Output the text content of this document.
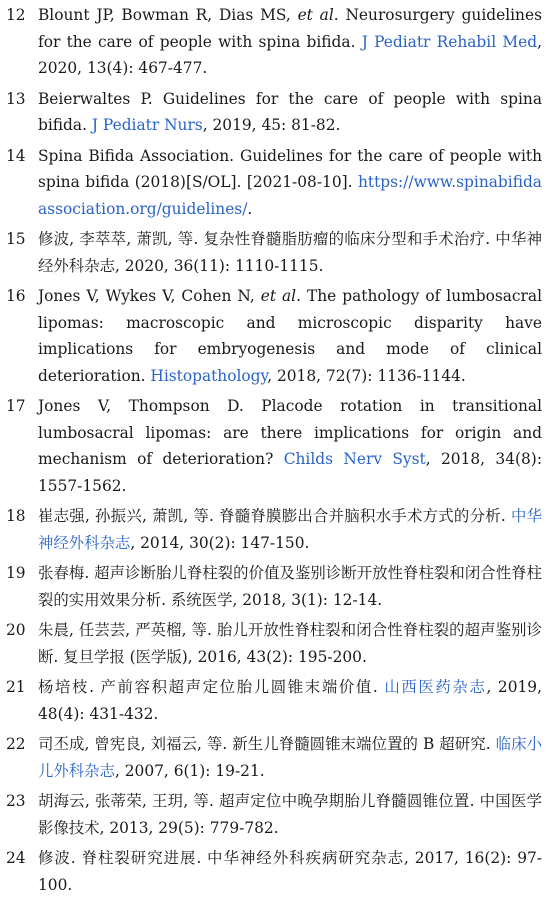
12 Blount JP, Bowman R, Dias MS, et al. Neurosurgery guidelines for the care of people with spina bifida. J Pediatr Rehabil Med, 2020, 13(4): 467-477.
13 Beierwaltes P. Guidelines for the care of people with spina bifida. J Pediatr Nurs, 2019, 45: 81-82.
14 Spina Bifida Association. Guidelines for the care of people with spina bifida (2018)[S/OL]. [2021-08-10]. https://www.spinabifidaassociation.org/guidelines/.
15 修波, 李萃萃, 萧凯, 等. 复杂性脊髓脂肪瘤的临床分型和手术治疗. 中华神经外科杂志, 2020, 36(11): 1110-1115.
16 Jones V, Wykes V, Cohen N, et al. The pathology of lumbosacral lipomas: macroscopic and microscopic disparity have implications for embryogenesis and mode of clinical deterioration. Histopathology, 2018, 72(7): 1136-1144.
17 Jones V, Thompson D. Placode rotation in transitional lumbosacral lipomas: are there implications for origin and mechanism of deterioration? Childs Nerv Syst, 2018, 34(8): 1557-1562.
18 崔志强, 孙振兴, 萧凯, 等. 脊髓脊膜膨出合并脑积水手术方式的分析. 中华神经外科杂志, 2014, 30(2): 147-150.
19 张春梅. 超声诊断胎儿脊柱裂的价值及鉴别诊断开放性脊柱裂和闭合性脊柱裂的实用效果分析. 系统医学, 2018, 3(1): 12-14.
20 朱晨, 任芸芸, 严英榴, 等. 胎儿开放性脊柱裂和闭合性脊柱裂的超声鉴别诊断. 复旦学报 (医学版), 2016, 43(2): 195-200.
21 杨培枝. 产前容积超声定位胎儿圆锥末端价值. 山西医药杂志, 2019, 48(4): 431-432.
22 司丕成, 曾宪良, 刘福云, 等. 新生儿脊髓圆锥末端位置的 B 超研究. 临床小儿外科杂志, 2007, 6(1): 19-21.
23 胡海云, 张蒂荣, 王玥, 等. 超声定位中晚孕期胎儿脊髓圆锥位置. 中国医学影像技术, 2013, 29(5): 779-782.
24 修波. 脊柱裂研究进展. 中华神经外科疾病研究杂志, 2017, 16(2): 97-100.
